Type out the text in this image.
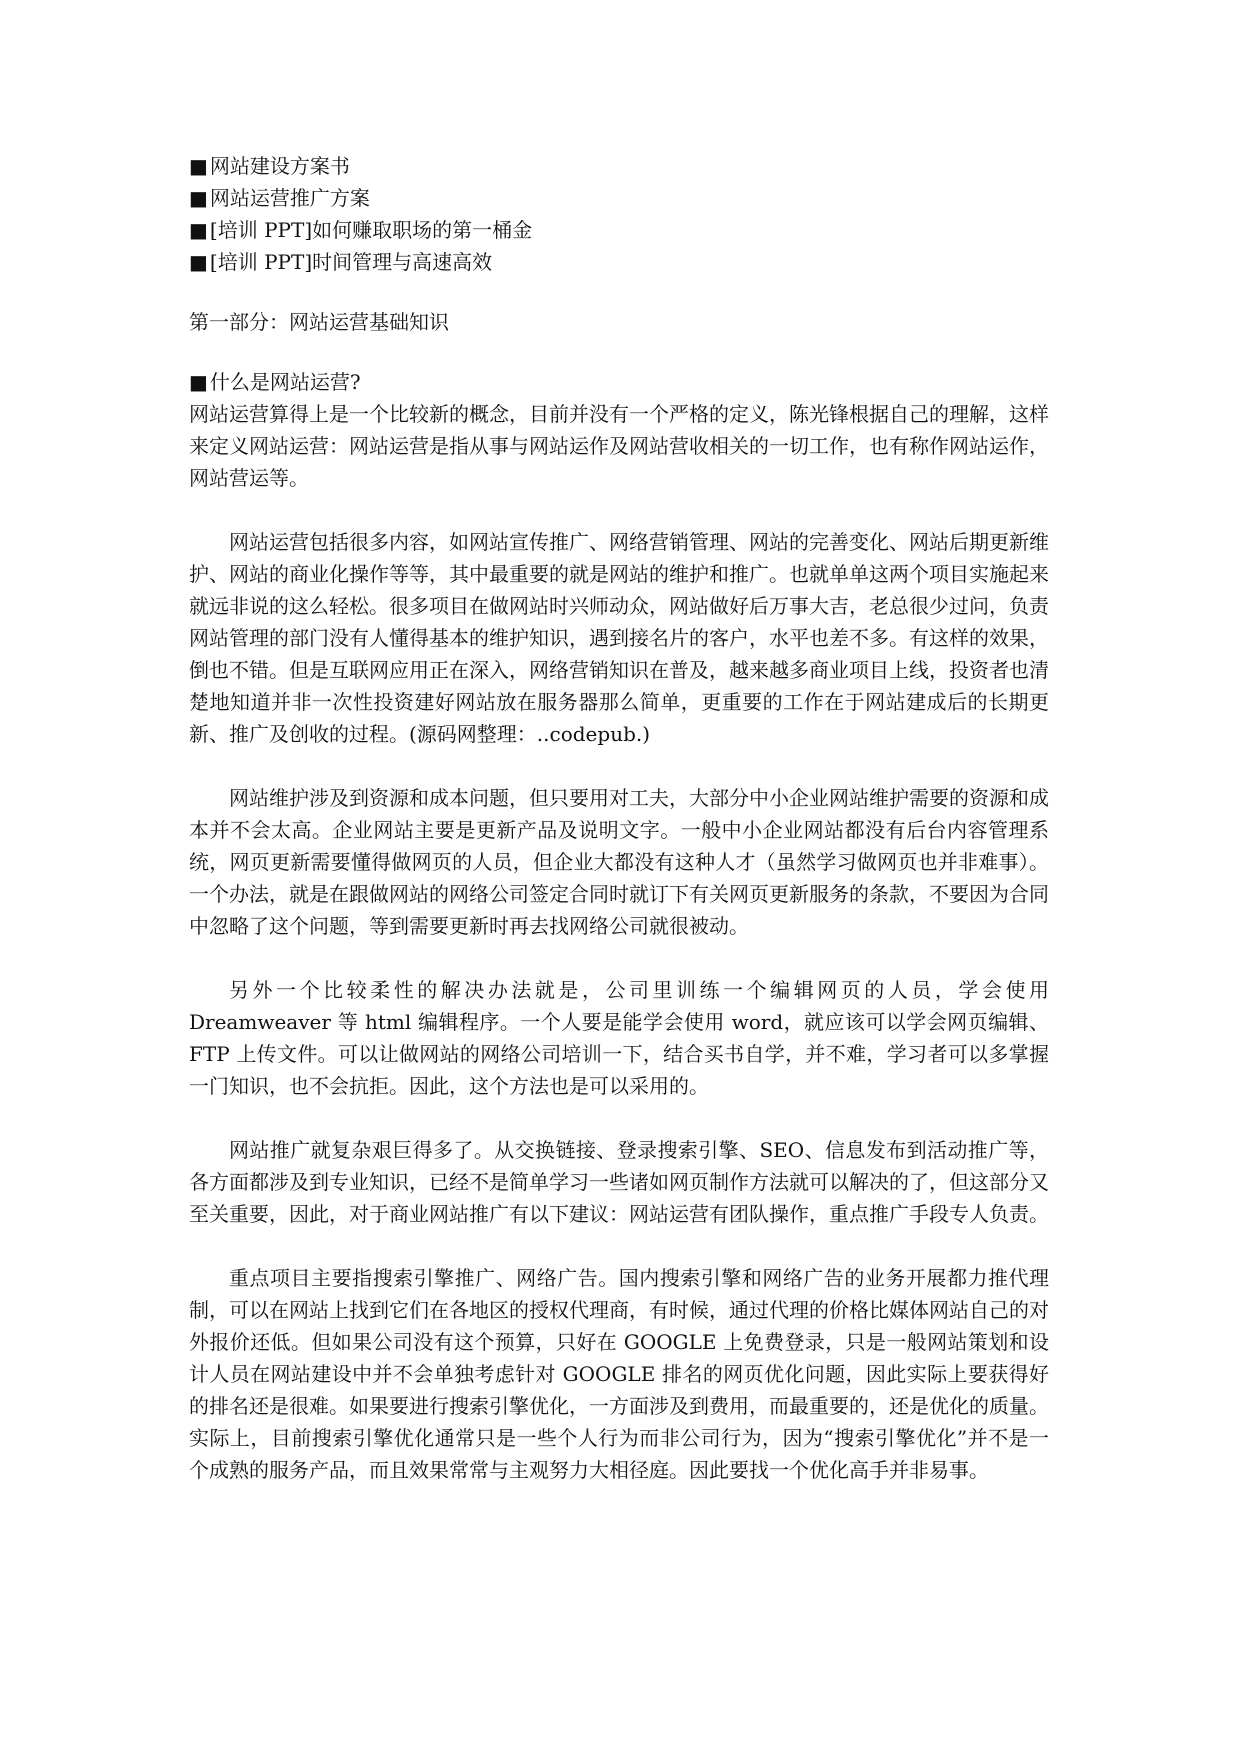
■ 网站建设方案书
■ 网站运营推广方案
■ [培训 PPT]如何赚取职场的第一桶金
■ [培训 PPT]时间管理与高速高效
第一部分：网站运营基础知识
■ 什么是网站运营?

网站运营算得上是一个比较新的概念，目前并没有一个严格的定义，陈光锋根据自己的理解，这样来定义网站运营：网站运营是指从事与网站运作及网站营收相关的一切工作，也有称作网站运作，网站营运等。

网站运营包括很多内容，如网站宣传推广、网络营销管理、网站的完善变化、网站后期更新维护、网站的商业化操作等等，其中最重要的就是网站的维护和推广。也就单单这两个项目实施起来就远非说的这么轻松。很多项目在做网站时兴师动众，网站做好后万事大吉，老总很少过问，负责网站管理的部门没有人懂得基本的维护知识，遇到接名片的客户，水平也差不多。有这样的效果，倒也不错。但是互联网应用正在深入，网络营销知识在普及，越来越多商业项目上线，投资者也清楚地知道并非一次性投资建好网站放在服务器那么简单，更重要的工作在于网站建成后的长期更新、推广及创收的过程。(源码网整理：..codepub.)

网站维护涉及到资源和成本问题，但只要用对工夫，大部分中小企业网站维护需要的资源和成本并不会太高。企业网站主要是更新产品及说明文字。一般中小企业网站都没有后台内容管理系统，网页更新需要懂得做网页的人员，但企业大都没有这种人才（虽然学习做网页也并非难事）。一个办法，就是在跟做网站的网络公司签定合同时就订下有关网页更新服务的条款，不要因为合同中忽略了这个问题，等到需要更新时再去找网络公司就很被动。

另外一个比较柔性的解决办法就是，公司里训练一个编辑网页的人员，学会使用 Dreamweaver 等 html 编辑程序。一个人要是能学会使用 word，就应该可以学会网页编辑、FTP 上传文件。可以让做网站的网络公司培训一下，结合买书自学，并不难，学习者可以多掌握一门知识，也不会抗拒。因此，这个方法也是可以采用的。

网站推广就复杂艰巨得多了。从交换链接、登录搜索引擎、SEO、信息发布到活动推广等，各方面都涉及到专业知识，已经不是简单学习一些诸如网页制作方法就可以解决的了，但这部分又至关重要，因此，对于商业网站推广有以下建议：网站运营有团队操作，重点推广手段专人负责。

重点项目主要指搜索引擎推广、网络广告。国内搜索引擎和网络广告的业务开展都力推代理制，可以在网站上找到它们在各地区的授权代理商，有时候，通过代理的价格比媒体网站自己的对外报价还低。但如果公司没有这个预算，只好在 GOOGLE 上免费登录，只是一般网站策划和设计人员在网站建设中并不会单独考虑针对 GOOGLE 排名的网页优化问题，因此实际上要获得好的排名还是很难。如果要进行搜索引擎优化，一方面涉及到费用，而最重要的，还是优化的质量。实际上，目前搜索引擎优化通常只是一些个人行为而非公司行为，因为“搜索引擎优化”并不是一个成熟的服务产品，而且效果常常与主观努力大相径庭。因此要找一个优化高手并非易事。
